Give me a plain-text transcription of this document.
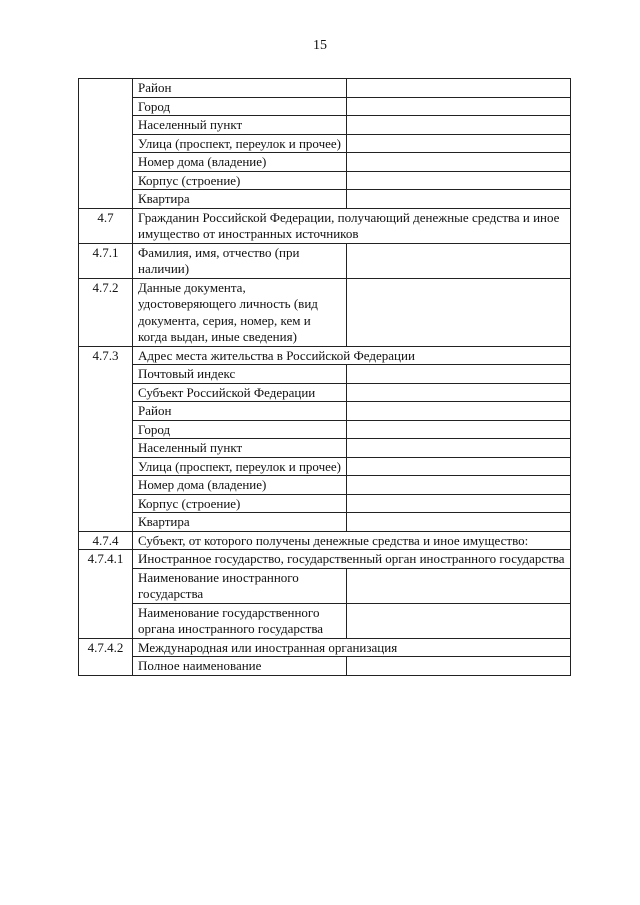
15
	Район	
	Город	
	Населенный пункт	
	Улица (проспект, переулок и прочее)	
	Номер дома (владение)	
	Корпус (строение)	
	Квартира	
4.7	Гражданин Российской Федерации, получающий денежные средства и иное имущество от иностранных источников	
4.7.1	Фамилия, имя, отчество (при наличии)	
4.7.2	Данные документа, удостоверяющего личность (вид документа, серия, номер, кем и когда выдан, иные сведения)	
4.7.3	Адрес места жительства в Российской Федерации	
	Почтовый индекс	
	Субъект Российской Федерации	
	Район	
	Город	
	Населенный пункт	
	Улица (проспект, переулок и прочее)	
	Номер дома (владение)	
	Корпус (строение)	
	Квартира	
4.7.4	Субъект, от которого получены денежные средства и иное имущество:	
4.7.4.1	Иностранное государство, государственный орган иностранного государства	
	Наименование иностранного государства	
	Наименование государственного органа иностранного государства	
4.7.4.2	Международная или иностранная организация	
	Полное наименование	
